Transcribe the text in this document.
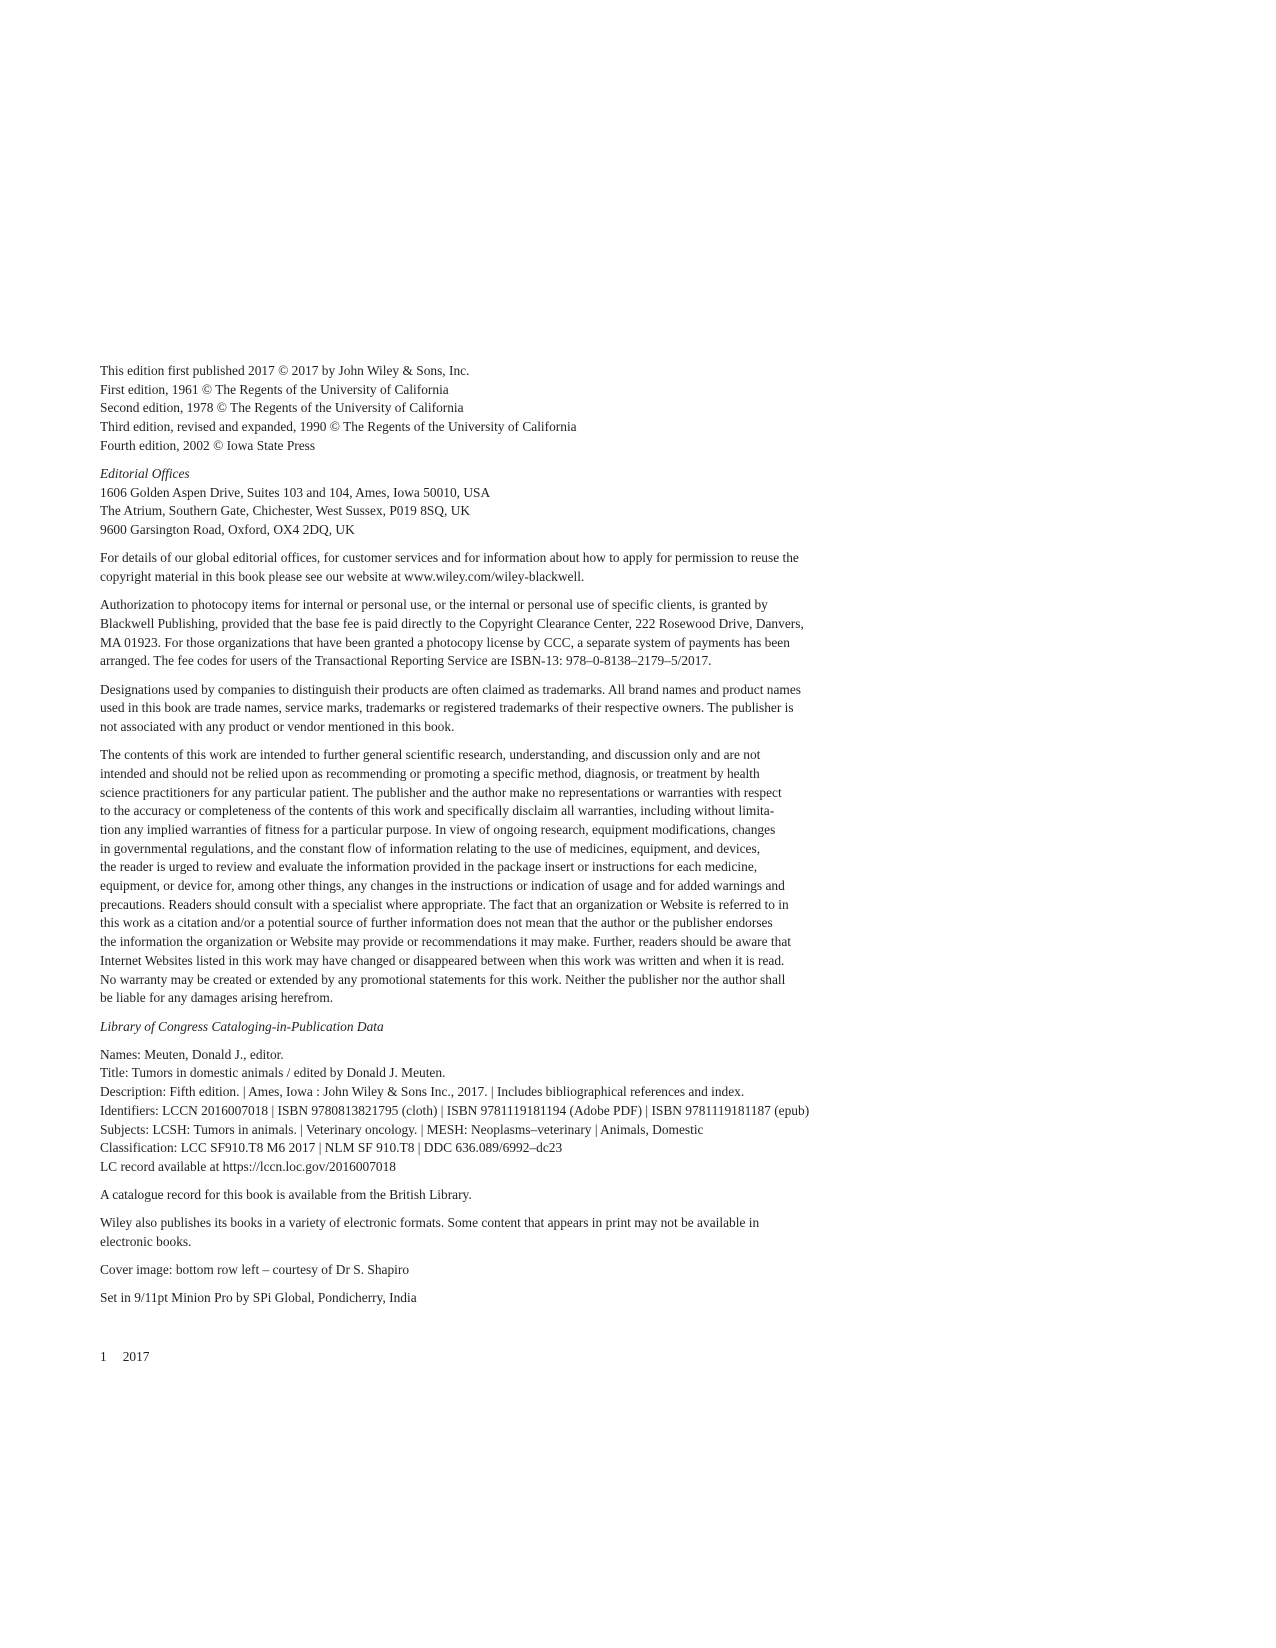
This edition first published 2017 © 2017 by John Wiley & Sons, Inc.
First edition, 1961 © The Regents of the University of California
Second edition, 1978 © The Regents of the University of California
Third edition, revised and expanded, 1990 © The Regents of the University of California
Fourth edition, 2002 © Iowa State Press
Editorial Offices
1606 Golden Aspen Drive, Suites 103 and 104, Ames, Iowa 50010, USA
The Atrium, Southern Gate, Chichester, West Sussex, P019 8SQ, UK
9600 Garsington Road, Oxford, OX4 2DQ, UK
For details of our global editorial offices, for customer services and for information about how to apply for permission to reuse the
copyright material in this book please see our website at www.wiley.com/wiley-blackwell.
Authorization to photocopy items for internal or personal use, or the internal or personal use of specific clients, is granted by
Blackwell Publishing, provided that the base fee is paid directly to the Copyright Clearance Center, 222 Rosewood Drive, Danvers,
MA 01923. For those organizations that have been granted a photocopy license by CCC, a separate system of payments has been
arranged. The fee codes for users of the Transactional Reporting Service are ISBN-13: 978–0-8138–2179–5/2017.
Designations used by companies to distinguish their products are often claimed as trademarks. All brand names and product names
used in this book are trade names, service marks, trademarks or registered trademarks of their respective owners. The publisher is
not associated with any product or vendor mentioned in this book.
The contents of this work are intended to further general scientific research, understanding, and discussion only and are not
intended and should not be relied upon as recommending or promoting a specific method, diagnosis, or treatment by health
science practitioners for any particular patient. The publisher and the author make no representations or warranties with respect
to the accuracy or completeness of the contents of this work and specifically disclaim all warranties, including without limita-
tion any implied warranties of fitness for a particular purpose. In view of ongoing research, equipment modifications, changes
in governmental regulations, and the constant flow of information relating to the use of medicines, equipment, and devices,
the reader is urged to review and evaluate the information provided in the package insert or instructions for each medicine,
equipment, or device for, among other things, any changes in the instructions or indication of usage and for added warnings and
precautions. Readers should consult with a specialist where appropriate. The fact that an organization or Website is referred to in
this work as a citation and/or a potential source of further information does not mean that the author or the publisher endorses
the information the organization or Website may provide or recommendations it may make. Further, readers should be aware that
Internet Websites listed in this work may have changed or disappeared between when this work was written and when it is read.
No warranty may be created or extended by any promotional statements for this work. Neither the publisher nor the author shall
be liable for any damages arising herefrom.
Library of Congress Cataloging-in-Publication Data
Names: Meuten, Donald J., editor.
Title: Tumors in domestic animals / edited by Donald J. Meuten.
Description: Fifth edition. | Ames, Iowa : John Wiley & Sons Inc., 2017. | Includes bibliographical references and index.
Identifiers: LCCN 2016007018 | ISBN 9780813821795 (cloth) | ISBN 9781119181194 (Adobe PDF) | ISBN 9781119181187 (epub)
Subjects: LCSH: Tumors in animals. | Veterinary oncology. | MESH: Neoplasms–veterinary | Animals, Domestic
Classification: LCC SF910.T8 M6 2017 | NLM SF 910.T8 | DDC 636.089/6992–dc23
LC record available at https://lccn.loc.gov/2016007018
A catalogue record for this book is available from the British Library.
Wiley also publishes its books in a variety of electronic formats. Some content that appears in print may not be available in
electronic books.
Cover image: bottom row left – courtesy of Dr S. Shapiro
Set in 9/11pt Minion Pro by SPi Global, Pondicherry, India
1 2017
